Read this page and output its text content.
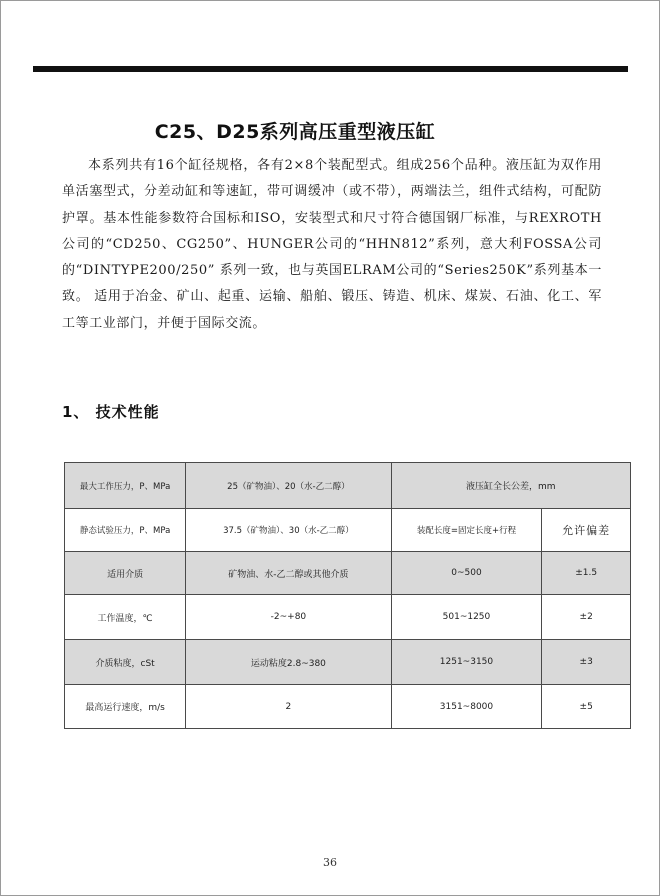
C25、D25系列高压重型液压缸

本系列共有16个缸径规格，各有2×8个装配型式。组成256个品种。液压缸为双作用单活塞型式，分差动缸和等速缸，带可调缓冲（或不带），两端法兰，组件式结构，可配防护罩。基本性能参数符合国标和ISO，安装型式和尺寸符合德国钢厂标准，与REXROTH公司的“CD250、CG250”、HUNGER公司的“HHN812”系列，意大利FOSSA公司的“DINTYPE200/250” 系列一致，也与英国ELRAM公司的“Series250K”系列基本一致。 适用于冶金、矿山、起重、运输、船舶、锻压、铸造、机床、煤炭、石油、化工、军工等工业部门，并便于国际交流。

1、 技术性能
最大工作压力，P、MPa	25（矿物油）、20（水-乙二醇）	液压缸全长公差，mm	
静态试验压力，P、MPa	37.5（矿物油）、30（水-乙二醇）	装配长度=固定长度+行程	允许偏差
适用介质	矿物油、水-乙二醇或其他介质	0~500	±1.5
工作温度，℃	-2~+80	501~1250	±2
介质粘度，cSt	运动粘度2.8~380	1251~3150	±3
最高运行速度，m/s	2	3151~8000	±5
36
